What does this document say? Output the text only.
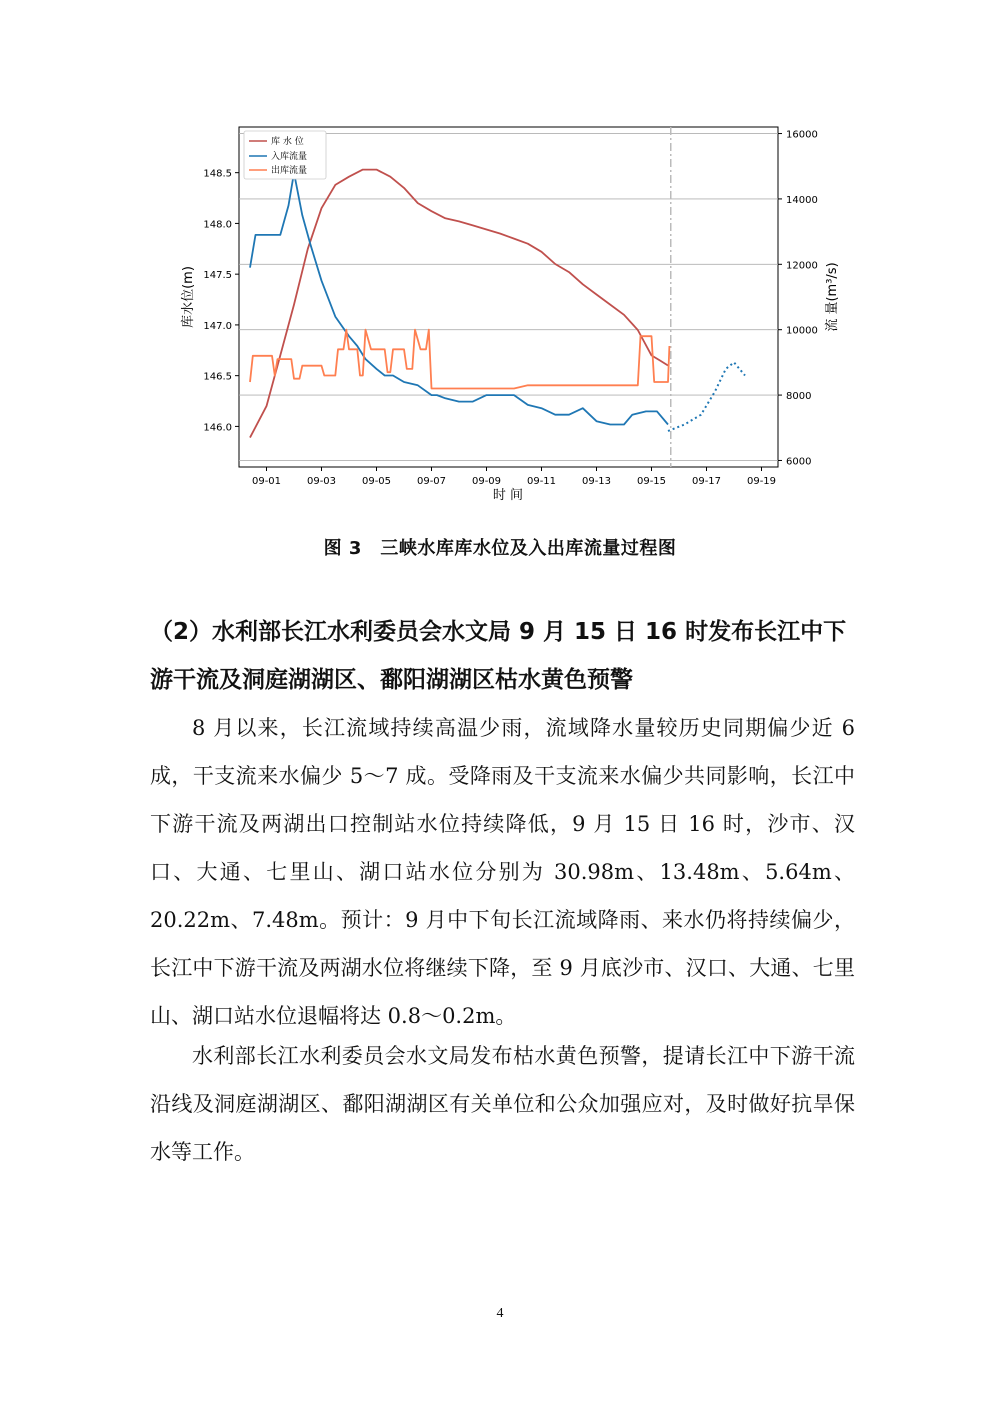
6000
8000
10000
12000
14000
16000
146.0
146.5
147.0
147.5
148.0
148.5
09-01	09-03	09-05	09-07	09-09	09-11	09-13	09-15	09-17	09-19
时 间
库水位(m)	流 量(m³/s)
库 水 位
入库流量
出库流量
图 3　三峡水库库水位及入出库流量过程图
（2）水利部长江水利委员会水文局 9 月 15 日 16 时发布长江中下游干流及洞庭湖湖区、鄱阳湖湖区枯水黄色预警
8 月以来，长江流域持续高温少雨，流域降水量较历史同期偏少近 6 成，干支流来水偏少 5～7 成。受降雨及干支流来水偏少共同影响，长江中下游干流及两湖出口控制站水位持续降低，9 月 15 日 16 时，沙市、汉口、大通、七里山、湖口站水位分别为 30.98m、13.48m、5.64m、20.22m、7.48m。预计：9 月中下旬长江流域降雨、来水仍将持续偏少，长江中下游干流及两湖水位将继续下降，至 9 月底沙市、汉口、大通、七里山、湖口站水位退幅将达 0.8～0.2m。
水利部长江水利委员会水文局发布枯水黄色预警，提请长江中下游干流沿线及洞庭湖湖区、鄱阳湖湖区有关单位和公众加强应对，及时做好抗旱保水等工作。
4
